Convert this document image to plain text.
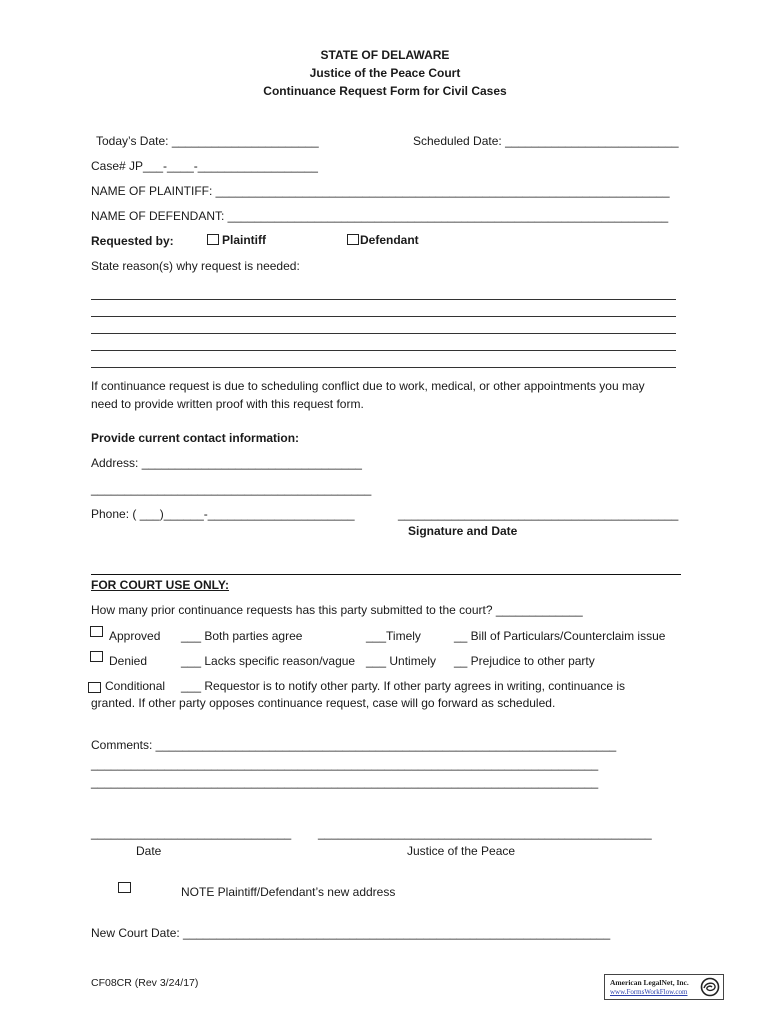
STATE OF DELAWARE
Justice of the Peace Court
Continuance Request Form for Civil Cases
Today’s Date: ______________________	Scheduled Date: __________________________
Case# JP___-____-__________________
NAME OF PLAINTIFF: ____________________________________________________________________
NAME OF DEFENDANT: __________________________________________________________________
Requested by:	Plaintiff	Defendant
State reason(s) why request is needed:
If continuance request is due to scheduling conflict due to work, medical, or other appointments you may need to provide written proof with this request form.
Provide current contact information:
Address: _________________________________
__________________________________________
Phone: ( ___)______-______________________	__________________________________________
Signature and Date
FOR COURT USE ONLY:
How many prior continuance requests has this party submitted to the court? _____________
Approved ___ Both parties agree	___Timely	__ Bill of Particulars/Counterclaim issue
Denied	___ Lacks specific reason/vague ___ Untimely __ Prejudice to other party
Conditional ___ Requestor is to notify other party. If other party agrees in writing, continuance is
granted. If other party opposes continuance request, case will go forward as scheduled.
Comments: _____________________________________________________________________
____________________________________________________________________________
____________________________________________________________________________
______________________________
Date
__________________________________________________
Justice of the Peace
NOTE Plaintiff/Defendant’s new address
New Court Date: ________________________________________________________________
CF08CR (Rev 3/24/17)	American LegalNet, Inc.
www.FormsWorkFlow.com
